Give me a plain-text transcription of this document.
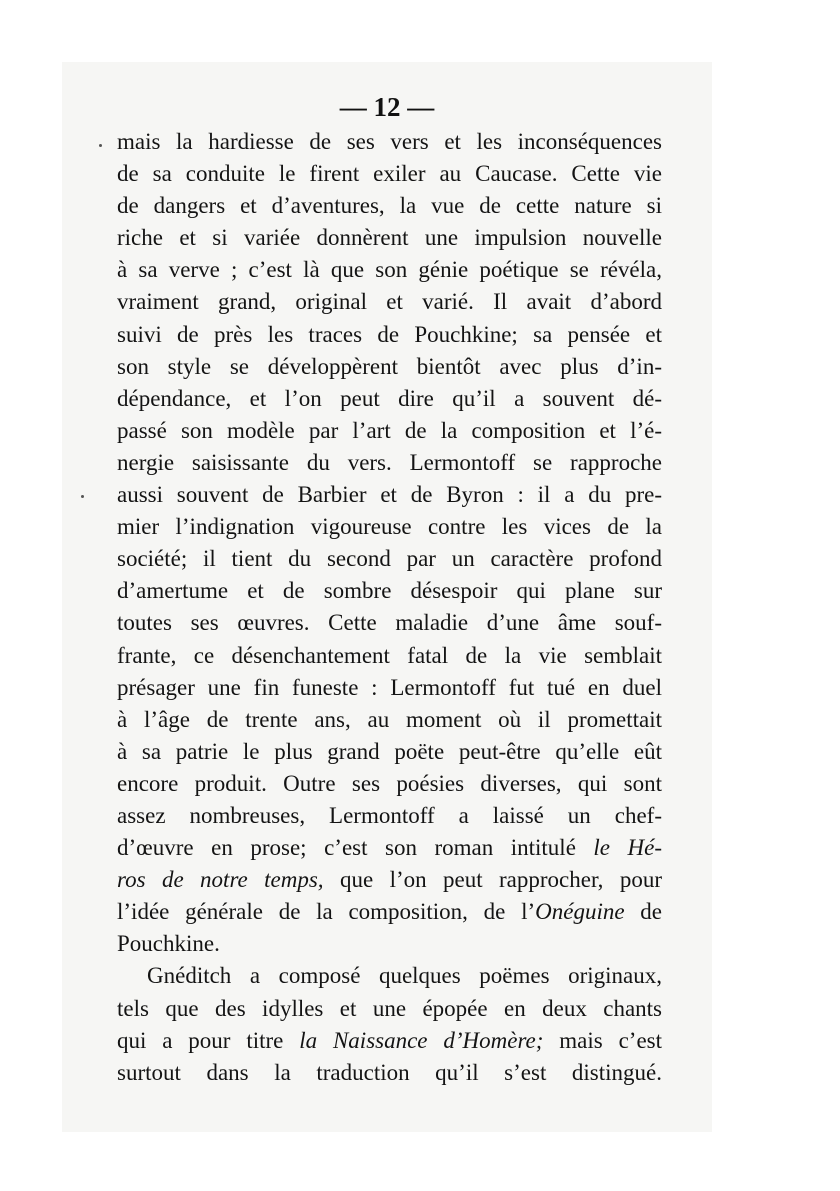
— 12 —
mais la hardiesse de ses vers et les inconséquences
de sa conduite le firent exiler au Caucase. Cette vie
de dangers et d’aventures, la vue de cette nature si
riche et si variée donnèrent une impulsion nouvelle
à sa verve ; c’est là que son génie poétique se révéla,
vraiment grand, original et varié. Il avait d’abord
suivi de près les traces de Pouchkine; sa pensée et
son style se développèrent bientôt avec plus d’in-
dépendance, et l’on peut dire qu’il a souvent dé-
passé son modèle par l’art de la composition et l’é-
nergie saisissante du vers. Lermontoff se rapproche
aussi souvent de Barbier et de Byron : il a du pre-
mier l’indignation vigoureuse contre les vices de la
société; il tient du second par un caractère profond
d’amertume et de sombre désespoir qui plane sur
toutes ses œuvres. Cette maladie d’une âme souf-
frante, ce désenchantement fatal de la vie semblait
présager une fin funeste : Lermontoff fut tué en duel
à l’âge de trente ans, au moment où il promettait
à sa patrie le plus grand poëte peut-être qu’elle eût
encore produit. Outre ses poésies diverses, qui sont
assez nombreuses, Lermontoff a laissé un chef-
d’œuvre en prose; c’est son roman intitulé le Hé-
ros de notre temps, que l’on peut rapprocher, pour
l’idée générale de la composition, de l’Onéguine de
Pouchkine.
Gnéditch a composé quelques poëmes originaux,
tels que des idylles et une épopée en deux chants
qui a pour titre la Naissance d’Homère; mais c’est
surtout dans la traduction qu’il s’est distingué.
